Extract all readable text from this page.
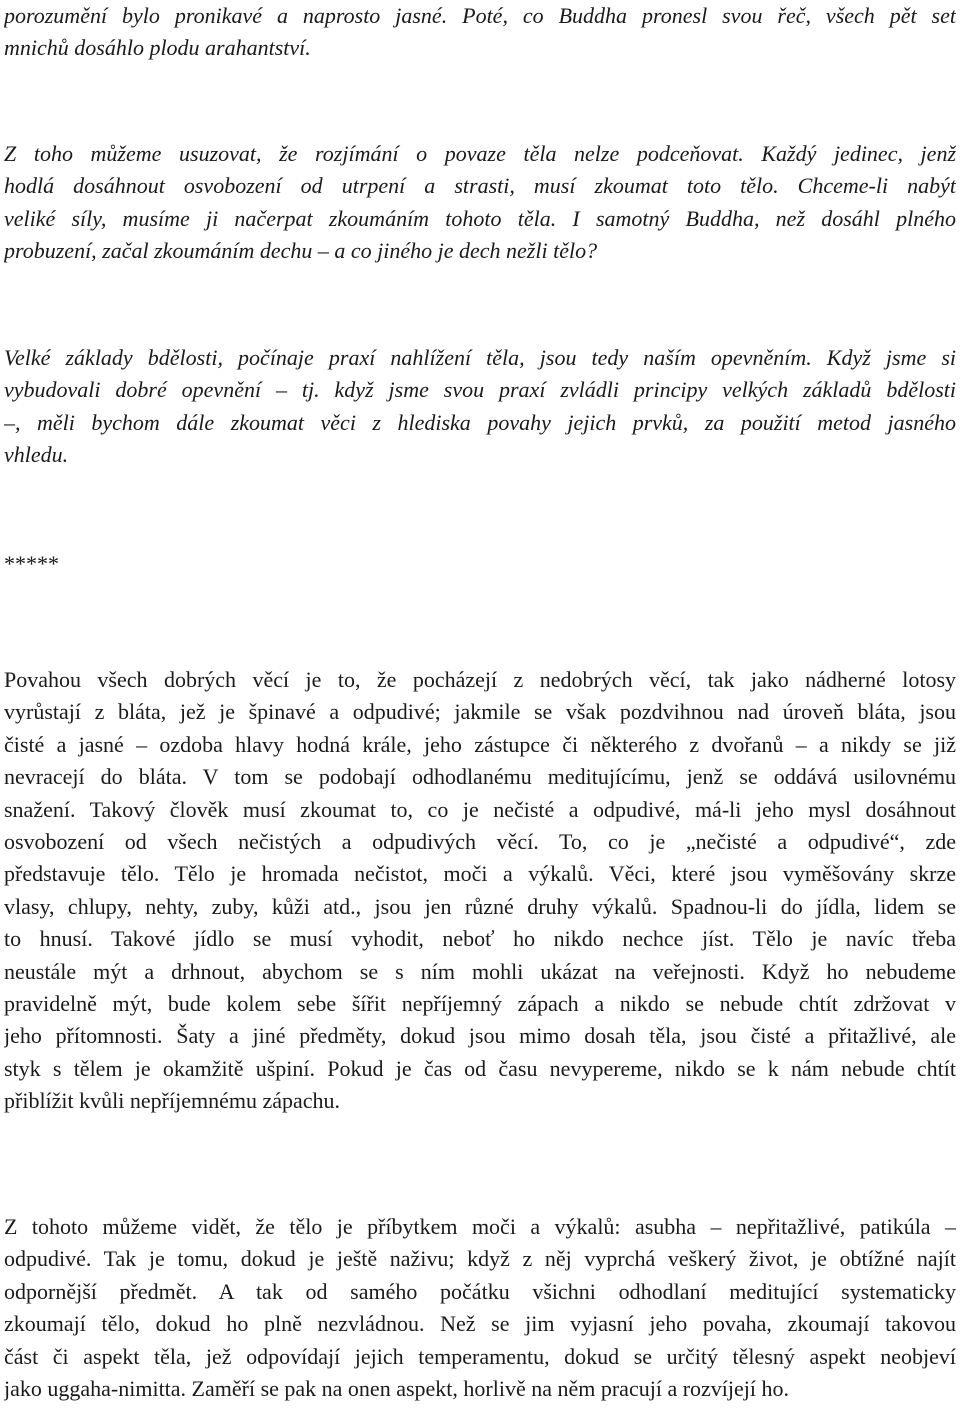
porozumění bylo pronikavé a naprosto jasné. Poté, co Buddha pronesl svou řeč, všech pět set
mnichů dosáhlo plodu arahantství.
Z toho můžeme usuzovat, že rozjímání o povaze těla nelze podceňovat. Každý jedinec, jenž
hodlá dosáhnout osvobození od utrpení a strasti, musí zkoumat toto tělo. Chceme-li nabýt
veliké síly, musíme ji načerpat zkoumáním tohoto těla. I samotný Buddha, než dosáhl plného
probuzení, začal zkoumáním dechu – a co jiného je dech nežli tělo?
Velké základy bdělosti, počínaje praxí nahlížení těla, jsou tedy naším opevněním. Když jsme si
vybudovali dobré opevnění – tj. když jsme svou praxí zvládli principy velkých základů bdělosti
–, měli bychom dále zkoumat věci z hlediska povahy jejich prvků, za použití metod jasného
vhledu.
*****
Povahou všech dobrých věcí je to, že pocházejí z nedobrých věcí, tak jako nádherné lotosy
vyrůstají z bláta, jež je špinavé a odpudivé; jakmile se však pozdvihnou nad úroveň bláta, jsou
čisté a jasné – ozdoba hlavy hodná krále, jeho zástupce či některého z dvořanů – a nikdy se již
nevracejí do bláta. V tom se podobají odhodlanému meditujícímu, jenž se oddává usilovnému
snažení. Takový člověk musí zkoumat to, co je nečisté a odpudivé, má-li jeho mysl dosáhnout
osvobození od všech nečistých a odpudivých věcí. To, co je „nečisté a odpudivé“, zde
představuje tělo. Tělo je hromada nečistot, moči a výkalů. Věci, které jsou vyměšovány skrze
vlasy, chlupy, nehty, zuby, kůži atd., jsou jen různé druhy výkalů. Spadnou-li do jídla, lidem se
to hnusí. Takové jídlo se musí vyhodit, neboť ho nikdo nechce jíst. Tělo je navíc třeba
neustále mýt a drhnout, abychom se s ním mohli ukázat na veřejnosti. Když ho nebudeme
pravidelně mýt, bude kolem sebe šířit nepříjemný zápach a nikdo se nebude chtít zdržovat v
jeho přítomnosti. Šaty a jiné předměty, dokud jsou mimo dosah těla, jsou čisté a přitažlivé, ale
styk s tělem je okamžitě ušpiní. Pokud je čas od času nevypereme, nikdo se k nám nebude chtít
přiblížit kvůli nepříjemnému zápachu.
Z tohoto můžeme vidět, že tělo je příbytkem moči a výkalů: asubha – nepřitažlivé, patikúla –
odpudivé. Tak je tomu, dokud je ještě naživu; když z něj vyprchá veškerý život, je obtížné najít
odpornější předmět. A tak od samého počátku všichni odhodlaní meditující systematicky
zkoumají tělo, dokud ho plně nezvládnou. Než se jim vyjasní jeho povaha, zkoumají takovou
část či aspekt těla, jež odpovídají jejich temperamentu, dokud se určitý tělesný aspekt neobjeví
jako uggaha-nimitta. Zaměří se pak na onen aspekt, horlivě na něm pracují a rozvíjejí ho.
